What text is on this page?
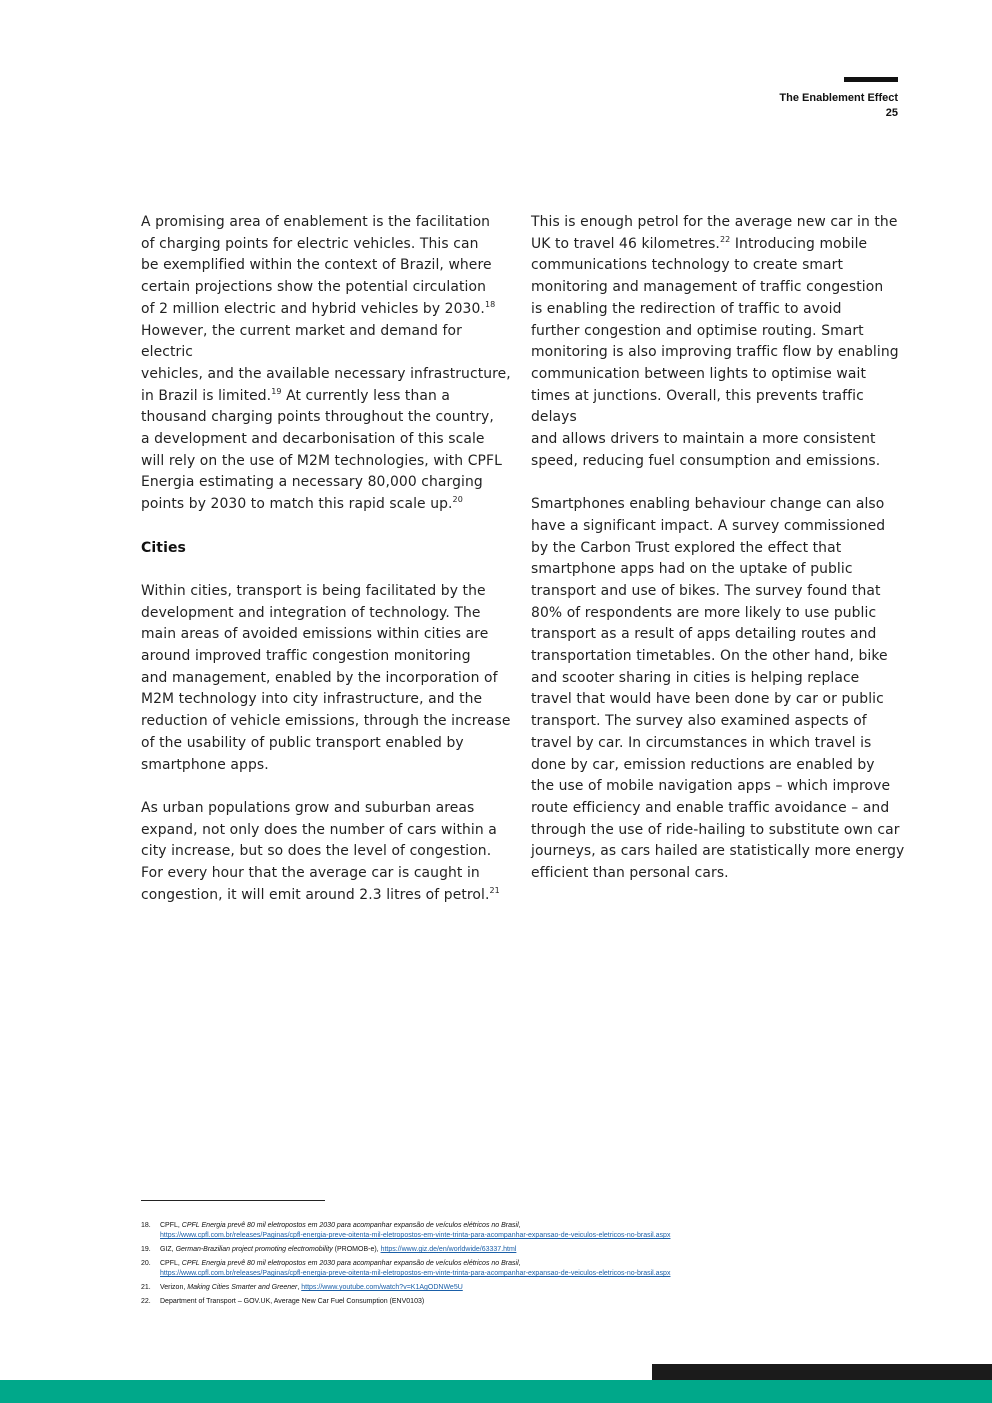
The Enablement Effect
25

A promising area of enablement is the facilitation
of charging points for electric vehicles. This can
be exemplified within the context of Brazil, where
certain projections show the potential circulation
of 2 million electric and hybrid vehicles by 2030.18
However, the current market and demand for electric
vehicles, and the available necessary infrastructure,
in Brazil is limited.$^{19}$ At currently less than a
thousand charging points throughout the country,
a development and decarbonisation of this scale
will rely on the use of M2M technologies, with CPFL
Energia estimating a necessary 80,000 charging
points by 2030 to match this rapid scale up.$^{20}$

Cities

Within cities, transport is being facilitated by the
development and integration of technology. The
main areas of avoided emissions within cities are
around improved traffic congestion monitoring
and management, enabled by the incorporation of
M2M technology into city infrastructure, and the
reduction of vehicle emissions, through the increase
of the usability of public transport enabled by
smartphone apps.

As urban populations grow and suburban areas
expand, not only does the number of cars within a
city increase, but so does the level of congestion.
For every hour that the average car is caught in
congestion, it will emit around 2.3 litres of petrol.$^{21}$

This is enough petrol for the average new car in the
UK to travel 46 kilometres.$^{22}$ Introducing mobile
communications technology to create smart
monitoring and management of traffic congestion
is enabling the redirection of traffic to avoid
further congestion and optimise routing. Smart
monitoring is also improving traffic flow by enabling
communication between lights to optimise wait
times at junctions. Overall, this prevents traffic delays
and allows drivers to maintain a more consistent
speed, reducing fuel consumption and emissions.

Smartphones enabling behaviour change can also
have a significant impact. A survey commissioned
by the Carbon Trust explored the effect that
smartphone apps had on the uptake of public
transport and use of bikes. The survey found that
80% of respondents are more likely to use public
transport as a result of apps detailing routes and
transportation timetables. On the other hand, bike
and scooter sharing in cities is helping replace
travel that would have been done by car or public
transport. The survey also examined aspects of
travel by car. In circumstances in which travel is
done by car, emission reductions are enabled by
the use of mobile navigation apps – which improve
route efficiency and enable traffic avoidance – and
through the use of ride-hailing to substitute own car
journeys, as cars hailed are statistically more energy
efficient than personal cars.

18.	CPFL, CPFL Energia prevê 80 mil eletropostos em 2030 para acompanhar expansão de veículos elétricos no Brasil,
https://www.cpfl.com.br/releases/Paginas/cpfl-energia-preve-oitenta-mil-eletropostos-em-vinte-trinta-para-acompanhar-expansao-de-veiculos-eletricos-no-brasil.aspx
19.	GIZ, German-Brazilian project promoting electromobility (PROMOB-e), https://www.giz.de/en/worldwide/63337.html
20.	CPFL, CPFL Energia prevê 80 mil eletropostos em 2030 para acompanhar expansão de veículos elétricos no Brasil,
https://www.cpfl.com.br/releases/Paginas/cpfl-energia-preve-oitenta-mil-eletropostos-em-vinte-trinta-para-acompanhar-expansao-de-veiculos-eletricos-no-brasil.aspx
21.	Verizon, Making Cities Smarter and Greener, https://www.youtube.com/watch?v=K1AgODNWe5U
22.	Department of Transport – GOV.UK, Average New Car Fuel Consumption (ENV0103)
